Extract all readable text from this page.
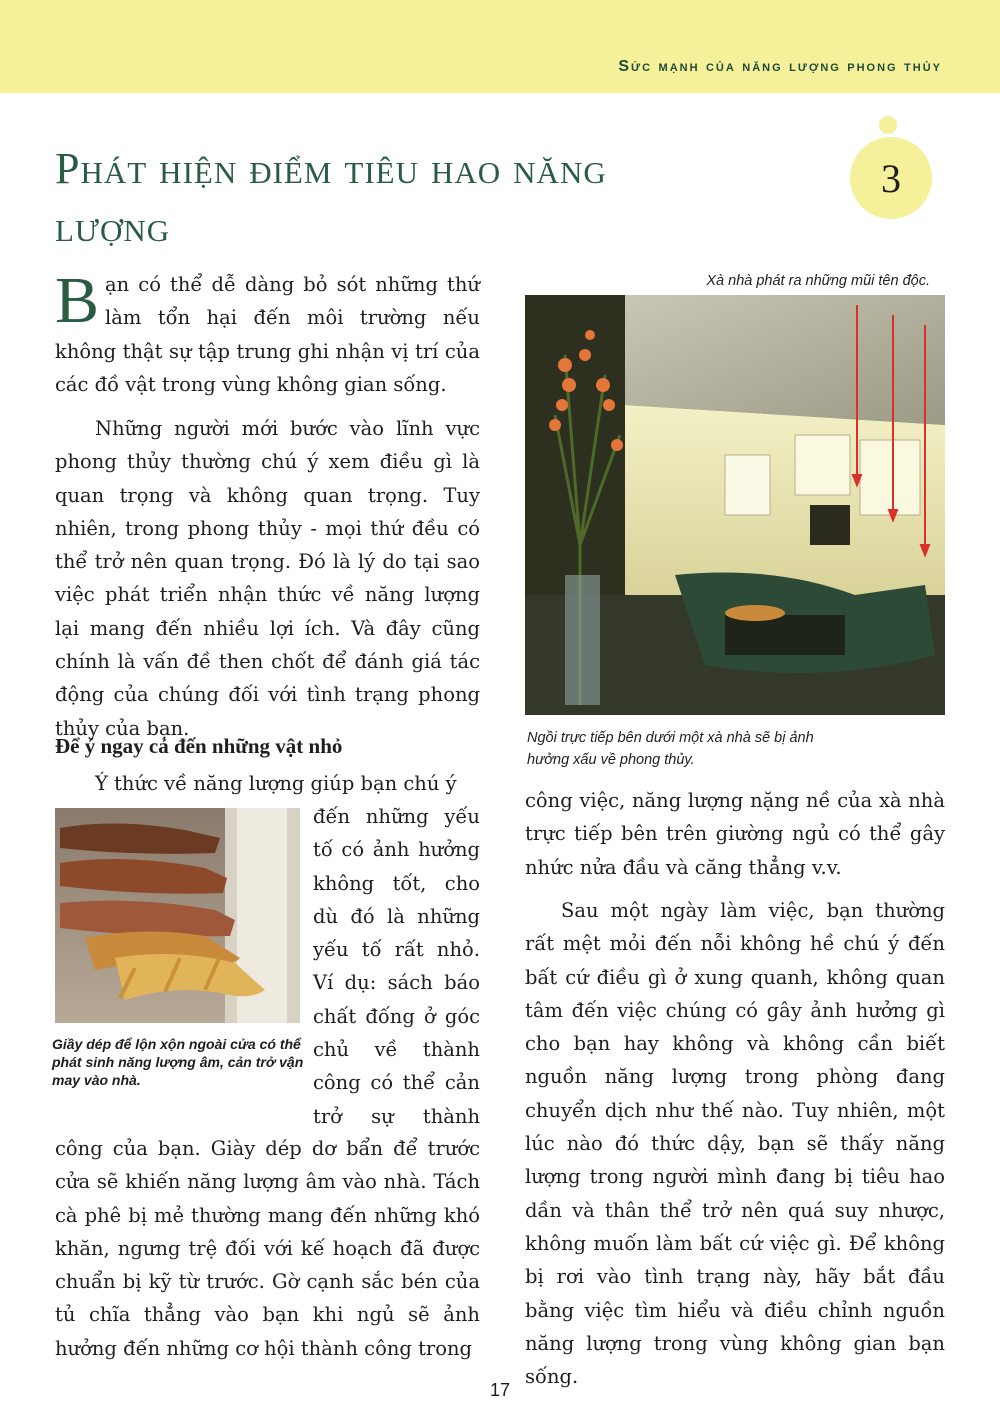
Sức mạnh của năng lượng phong thủy
Phát hiện điểm tiêu hao năng lượng
3
B ạn có thể dễ dàng bỏ sót những thứ làm tổn hại đến môi trường nếu không thật sự tập trung ghi nhận vị trí của các đồ vật trong vùng không gian sống.

Những người mới bước vào lĩnh vực phong thủy thường chú ý xem điều gì là quan trọng và không quan trọng. Tuy nhiên, trong phong thủy - mọi thứ đều có thể trở nên quan trọng. Đó là lý do tại sao việc phát triển nhận thức về năng lượng lại mang đến nhiều lợi ích. Và đây cũng chính là vấn đề then chốt để đánh giá tác động của chúng đối với tình trạng phong thủy của bạn.

Để ý ngay cả đến những vật nhỏ
Ý thức về năng lượng giúp bạn chú ý
đến những yếu tố có ảnh hưởng không tốt, cho dù đó là những yếu tố rất nhỏ. Ví dụ: sách báo chất đống ở góc chủ về thành công có thể cản trở sự thành
Giầy dép để lộn xộn ngoài cửa có thể phát sinh năng lượng âm, cản trở vận may vào nhà.

công của bạn. Giày dép dơ bẩn để trước cửa sẽ khiến năng lượng âm vào nhà. Tách cà phê bị mẻ thường mang đến những khó khăn, ngưng trệ đối với kế hoạch đã được chuẩn bị kỹ từ trước. Gờ cạnh sắc bén của tủ chĩa thẳng vào bạn khi ngủ sẽ ảnh hưởng đến những cơ hội thành công trong

Xà nhà phát ra những mũi tên độc.
Ngồi trực tiếp bên dưới một xà nhà sẽ bị ảnh hưởng xấu về phong thủy.

công việc, năng lượng nặng nề của xà nhà trực tiếp bên trên giường ngủ có thể gây nhức nửa đầu và căng thẳng v.v.

Sau một ngày làm việc, bạn thường rất mệt mỏi đến nỗi không hề chú ý đến bất cứ điều gì ở xung quanh, không quan tâm đến việc chúng có gây ảnh hưởng gì cho bạn hay không và không cần biết nguồn năng lượng trong phòng đang chuyển dịch như thế nào. Tuy nhiên, một lúc nào đó thức dậy, bạn sẽ thấy năng lượng trong người mình đang bị tiêu hao dần và thân thể trở nên quá suy nhược, không muốn làm bất cứ việc gì. Để không bị rơi vào tình trạng này, hãy bắt đầu bằng việc tìm hiểu và điều chỉnh nguồn năng lượng trong vùng không gian bạn sống.

17
